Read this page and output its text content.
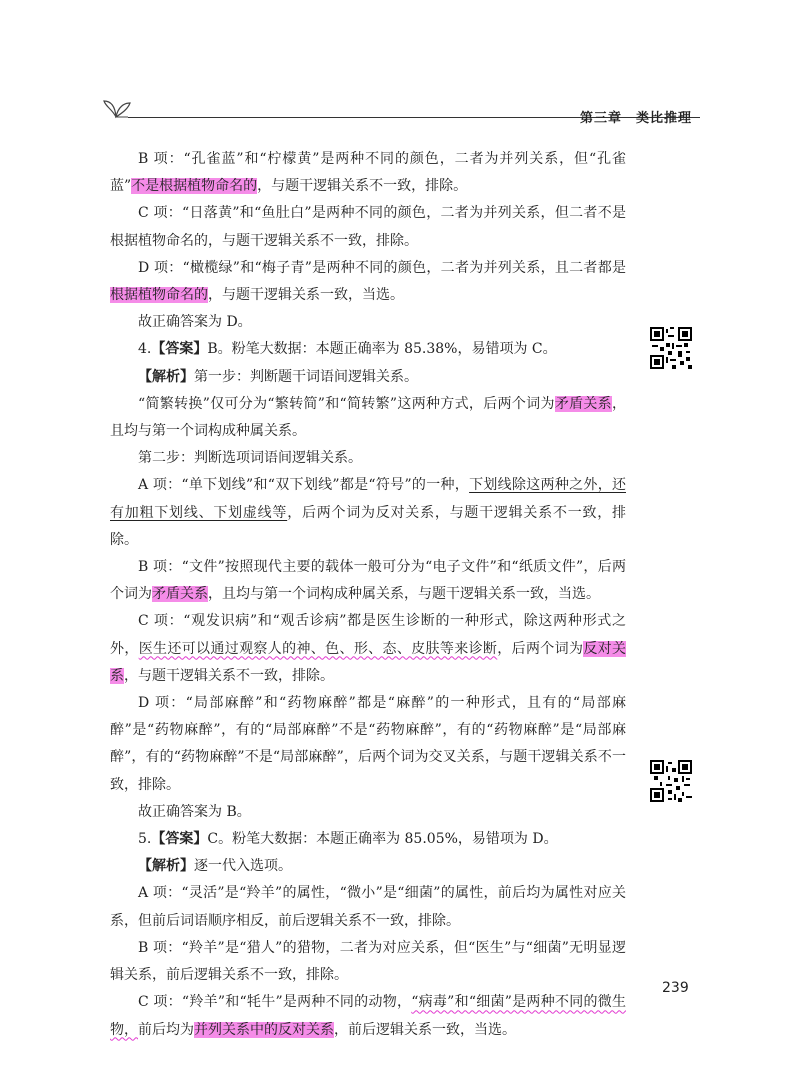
第三章 类比推理

B 项：“孔雀蓝”和“柠檬黄”是两种不同的颜色，二者为并列关系，但“孔雀蓝”不是根据植物命名的，与题干逻辑关系不一致，排除。

C 项：“日落黄”和“鱼肚白”是两种不同的颜色，二者为并列关系，但二者不是根据植物命名的，与题干逻辑关系不一致，排除。

D 项：“橄榄绿”和“梅子青”是两种不同的颜色，二者为并列关系，且二者都是根据植物命名的，与题干逻辑关系一致，当选。

故正确答案为 D。

4.【答案】B。粉笔大数据：本题正确率为 85.38%，易错项为 C。

【解析】第一步：判断题干词语间逻辑关系。

“简繁转换”仅可分为“繁转简”和“简转繁”这两种方式，后两个词为矛盾关系，且均与第一个词构成种属关系。

第二步：判断选项词语间逻辑关系。

A 项：“单下划线”和“双下划线”都是“符号”的一种，下划线除这两种之外，还有加粗下划线、下划虚线等，后两个词为反对关系，与题干逻辑关系不一致，排除。

B 项：“文件”按照现代主要的载体一般可分为“电子文件”和“纸质文件”，后两个词为矛盾关系，且均与第一个词构成种属关系，与题干逻辑关系一致，当选。

C 项：“观发识病”和“观舌诊病”都是医生诊断的一种形式，除这两种形式之外，医生还可以通过观察人的神、色、形、态、皮肤等来诊断，后两个词为反对关系，与题干逻辑关系不一致，排除。

D 项：“局部麻醉”和“药物麻醉”都是“麻醉”的一种形式，且有的“局部麻醉”是“药物麻醉”，有的“局部麻醉”不是“药物麻醉”，有的“药物麻醉”是“局部麻醉”，有的“药物麻醉”不是“局部麻醉”，后两个词为交叉关系，与题干逻辑关系不一致，排除。

故正确答案为 B。

5.【答案】C。粉笔大数据：本题正确率为 85.05%，易错项为 D。

【解析】逐一代入选项。

A 项：“灵活”是“羚羊”的属性，“微小”是“细菌”的属性，前后均为属性对应关系，但前后词语顺序相反，前后逻辑关系不一致，排除。

B 项：“羚羊”是“猎人”的猎物，二者为对应关系，但“医生”与“细菌”无明显逻辑关系，前后逻辑关系不一致，排除。

C 项：“羚羊”和“牦牛”是两种不同的动物，“病毒”和“细菌”是两种不同的微生物，前后均为并列关系中的反对关系，前后逻辑关系一致，当选。

239
